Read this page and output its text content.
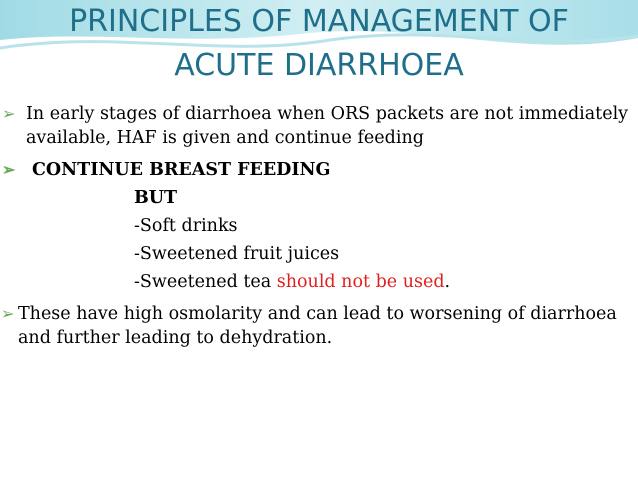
PRINCIPLES OF MANAGEMENT OF
ACUTE DIARRHOEA
➢ In early stages of diarrhoea when ORS packets are not immediately available, HAF is given and continue feeding
➢ CONTINUE BREAST FEEDING
BUT
-Soft drinks
-Sweetened fruit juices
-Sweetened tea should not be used.
➢ These have high osmolarity and can lead to worsening of diarrhoea and further leading to dehydration.
